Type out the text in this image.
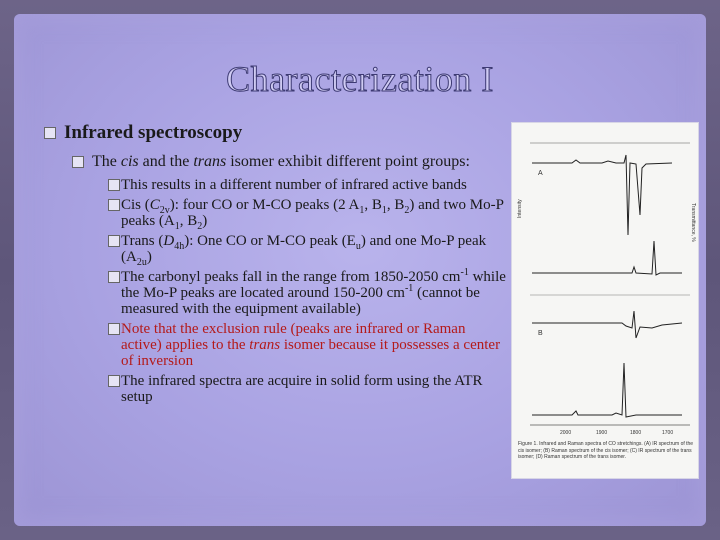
Characterization I
Infrared spectroscopy
The cis and the trans isomer exhibit different point groups:
This results in a different number of infrared active bands
Cis $(C_{2v})$: four CO or M-CO peaks (2 $A_1$, $B_1$, $B_2$) and two Mo-P peaks ($A_1$, $B_2$)
Trans $(D_{4h})$: One CO or M-CO peak $(E_u)$ and one Mo-P peak $(A_{2u})$
The carbonyl peaks fall in the range from 1850-2050 $cm^{-1}$ while the Mo-P peaks are located around 150-200 $cm^{-1}$ (cannot be measured with the equipment available)
Note that the exclusion rule (peaks are infrared or Raman active) applies to the trans isomer because it possesses a center of inversion
The infrared spectra are acquire in solid form using the ATR setup
A
B
2000	1900	1800	1700
Intensity	Transmittance, %
Figure 1. Infrared and Raman spectra of CO stretchings. (A) IR spectrum of the cis isomer; (B) Raman spectrum of the cis isomer; (C) IR spectrum of the trans isomer; (D) Raman spectrum of the trans isomer.
